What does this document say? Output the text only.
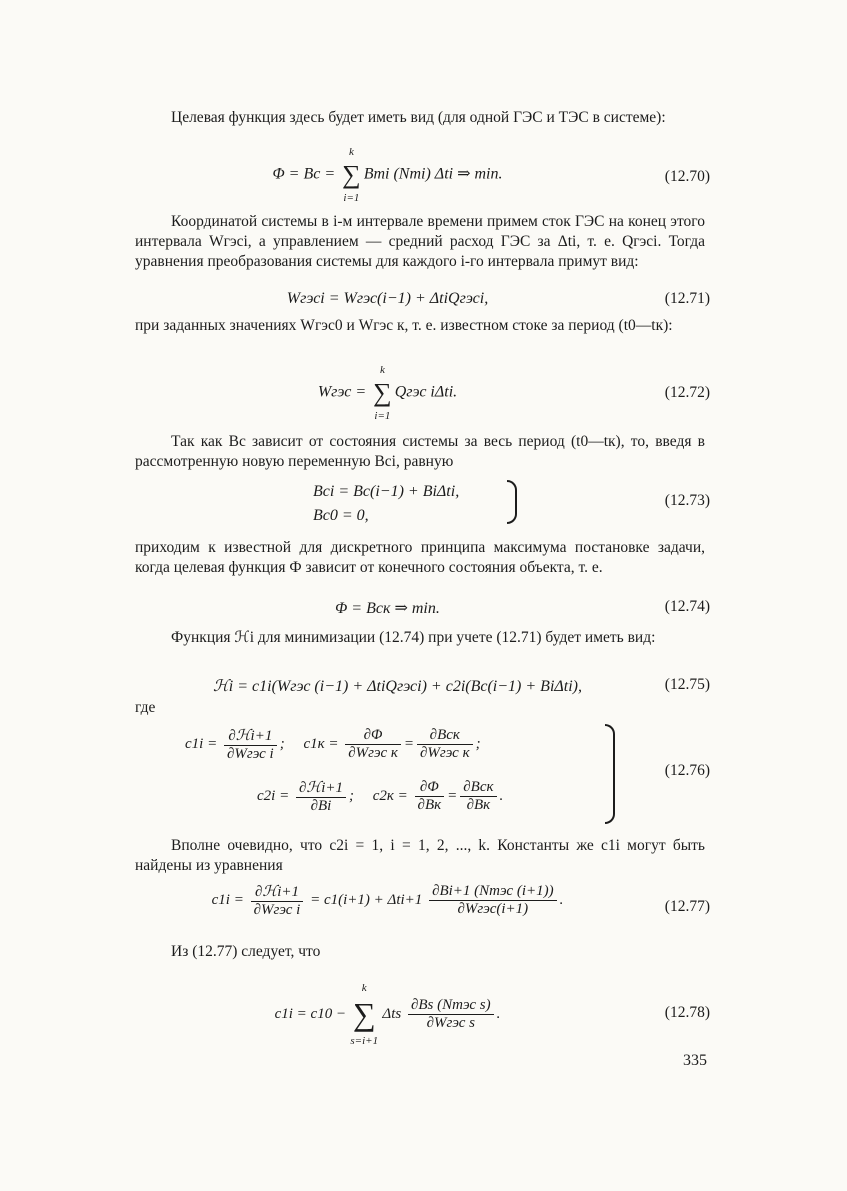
Целевая функция здесь будет иметь вид (для одной ГЭС и ТЭС в системе):

Φ = Bс = ∑
k
i=1
Bтi (Nтi) Δti ⇒ min.	(12.70)

Координатой системы в i-м интервале времени примем сток ГЭС на конец этого интервала Wгэсi, а управлением — средний расход ГЭС за Δti, т. е. Qгэсi. Тогда уравнения преобразования системы для каждого i-го интервала примут вид:

Wгэсi = Wгэс(i−1) + ΔtiQгэсi,	(12.71)

при заданных значениях Wгэс0 и Wгэс к, т. е. известном стоке за период (t0—tк):

Wгэс = ∑
k
i=1
Qгэс iΔti.	(12.72)

Так как Bс зависит от состояния системы за весь период (t0—tк), то, введя в рассмотренную новую переменную Bсi, равную

Bсi = Bс(i−1) + BiΔti,
Bс0 = 0,
(12.73)

приходим к известной для дискретного принципа максимума постановке задачи, когда целевая функция Ф зависит от конечного состояния объекта, т. е.

Φ = Bск ⇒ min.	(12.74)

Функция ℋi для минимизации (12.74) при учете (12.71) будет иметь вид:

ℋi = c1i(Wгэс (i−1) + ΔtiQгэсi) + c2i(Bс(i−1) + BiΔti),	(12.75)

где

$c1i = \frac{\text{∂ℋi+1}}{\text{∂Wгэс i}}$ ;     $c1к = \frac{\partial\Phi}{\text{∂Wгэс к}} = \frac{\text{∂Bск}}{\text{∂Wгэс к}}$ ;
$c2i = \frac{\text{∂ℋi+1}}{\partial Bi}$ ;     $c2к = \frac{\partial\Phi}{\partial Bк} = \frac{\text{∂Bск}}{\partial Bк}$ .
(12.76)

Вполне очевидно, что c2i = 1, i = 1, 2, ..., k. Константы же c1i могут быть найдены из уравнения

$c1i = \frac{\text{∂ℋi+1}}{\text{∂Wгэс i}} = c1(i+1) + \Delta ti+1 \frac{\text{∂Bi+1 (Nтэс (i+1))}}{\text{∂Wгэс(i+1)}}$ .	(12.77)

Из (12.77) следует, что

c1i = c10 − ∑
k
s=i+1
Δts $\frac{\text{∂Bs (Nтэс s)}}{\text{∂Wгэс s}}$ .	(12.78)
335
